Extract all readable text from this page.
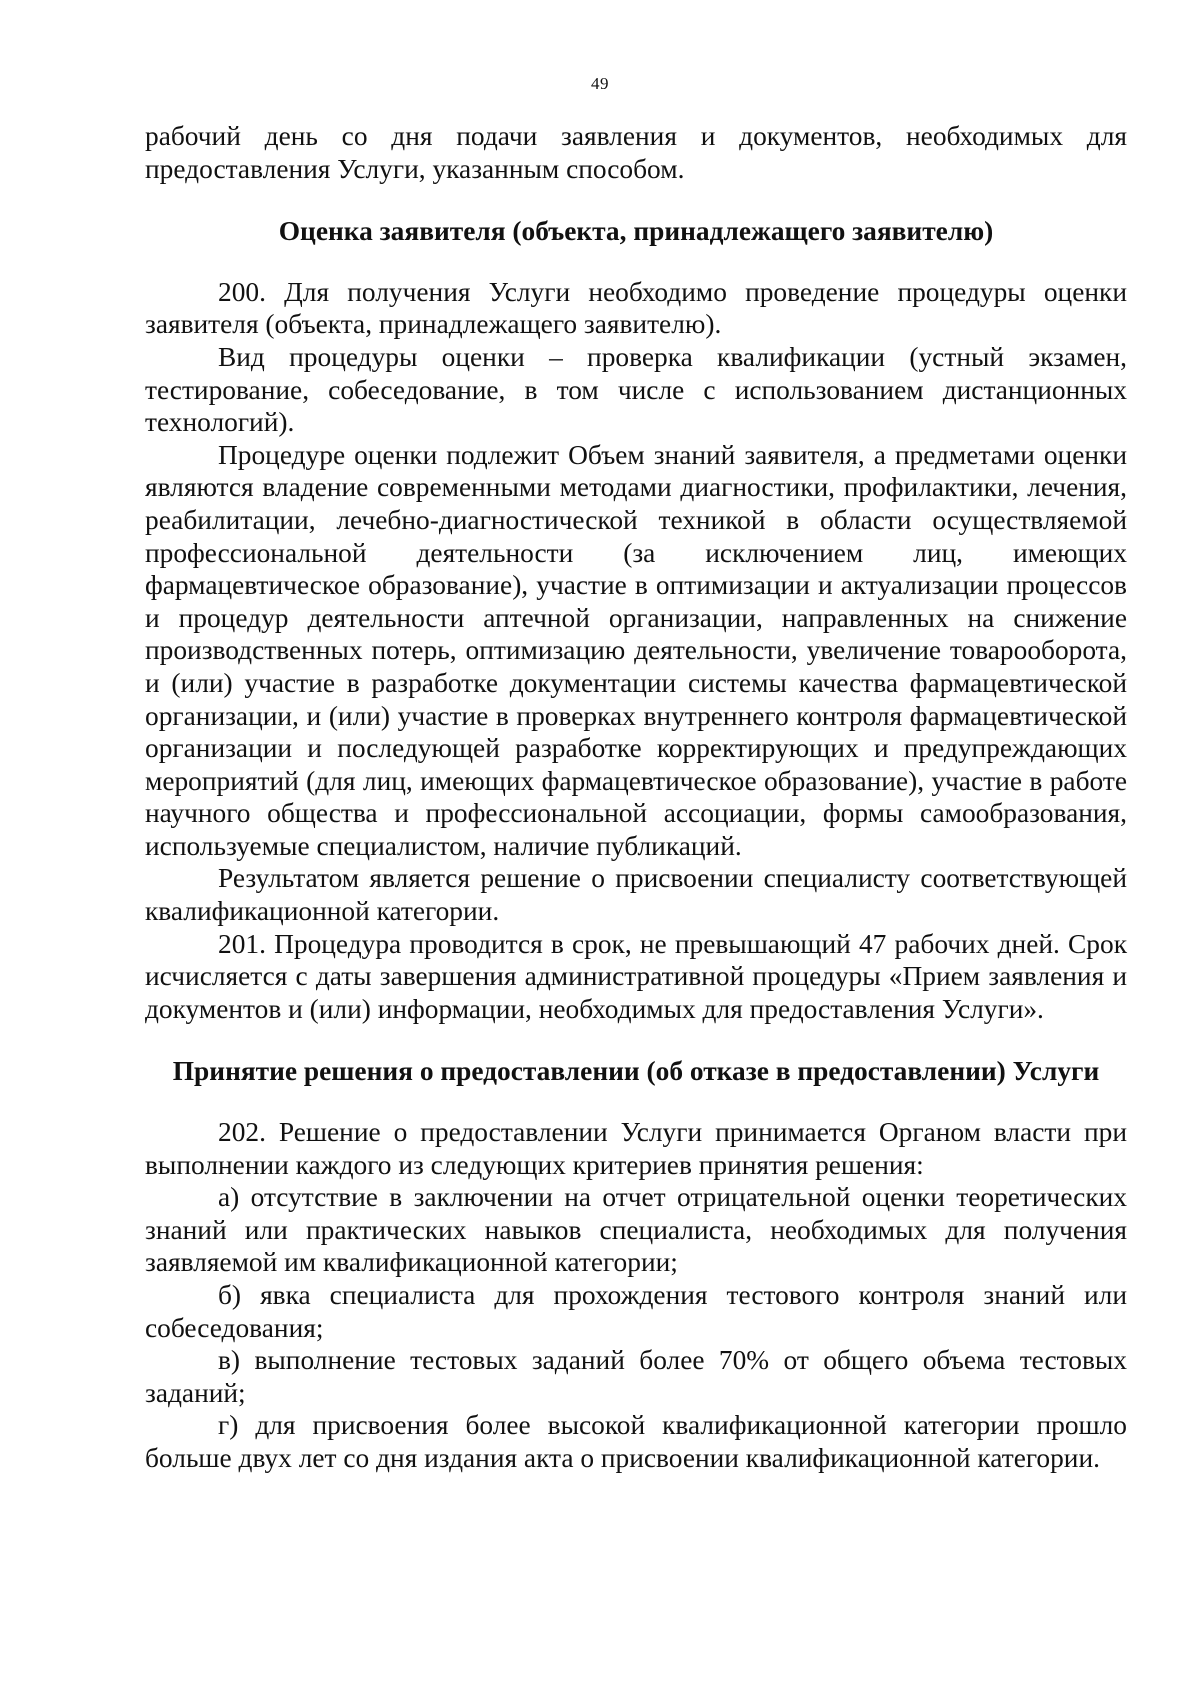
49

рабочий день со дня подачи заявления и документов, необходимых для предоставления Услуги, указанным способом.

Оценка заявителя (объекта, принадлежащего заявителю)

200. Для получения Услуги необходимо проведение процедуры оценки заявителя (объекта, принадлежащего заявителю).

Вид процедуры оценки – проверка квалификации (устный экзамен, тестирование, собеседование, в том числе с использованием дистанционных технологий).

Процедуре оценки подлежит Объем знаний заявителя, а предметами оценки являются владение современными методами диагностики, профилактики, лечения, реабилитации, лечебно-диагностической техникой в области осуществляемой профессиональной деятельности (за исключением лиц, имеющих фармацевтическое образование), участие в оптимизации и актуализации процессов и процедур деятельности аптечной организации, направленных на снижение производственных потерь, оптимизацию деятельности, увеличение товарооборота, и (или) участие в разработке документации системы качества фармацевтической организации, и (или) участие в проверках внутреннего контроля фармацевтической организации и последующей разработке корректирующих и предупреждающих мероприятий (для лиц, имеющих фармацевтическое образование), участие в работе научного общества и профессиональной ассоциации, формы самообразования, используемые специалистом, наличие публикаций.

Результатом является решение о присвоении специалисту соответствующей квалификационной категории.

201. Процедура проводится в срок, не превышающий 47 рабочих дней. Срок исчисляется с даты завершения административной процедуры «Прием заявления и документов и (или) информации, необходимых для предоставления Услуги».

Принятие решения о предоставлении (об отказе в предоставлении) Услуги

202. Решение о предоставлении Услуги принимается Органом власти при выполнении каждого из следующих критериев принятия решения:

а) отсутствие в заключении на отчет отрицательной оценки теоретических знаний или практических навыков специалиста, необходимых для получения заявляемой им квалификационной категории;

б) явка специалиста для прохождения тестового контроля знаний или собеседования;

в) выполнение тестовых заданий более 70% от общего объема тестовых заданий;

г) для присвоения более высокой квалификационной категории прошло больше двух лет со дня издания акта о присвоении квалификационной категории.
